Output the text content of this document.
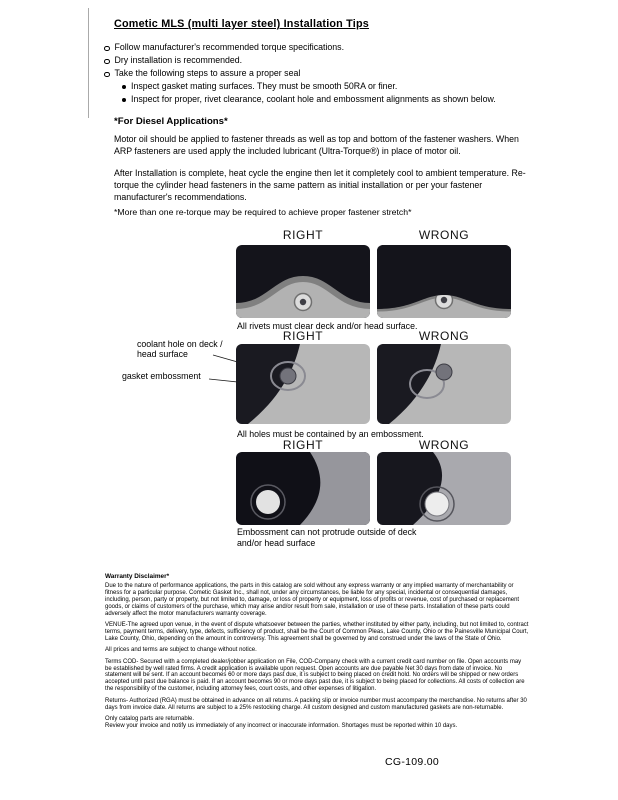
Cometic MLS (multi layer steel) Installation Tips
Follow manufacturer's recommended torque specifications.
Dry installation is recommended.
Take the following steps to assure a proper seal
Inspect gasket mating surfaces. They must be smooth 50RA or finer.
Inspect for proper, rivet clearance, coolant hole and embossment alignments as shown below.
*For Diesel Applications*

Motor oil should be applied to fastener threads as well as top and bottom of the fastener washers. When ARP fasteners are used apply the included lubricant (Ultra-Torque®) in place of motor oil.

After Installation is complete, heat cycle the engine then let it completely cool to ambient temperature. Re-torque the cylinder head fasteners in the same pattern as initial installation or per your fastener manufacturer's recommendations.

*More than one re-torque may be required to achieve proper fastener stretch*

RIGHT	WRONG
All rivets must clear deck and/or head surface.
RIGHT	WRONG
coolant hole on deck / head surface
gasket embossment
All holes must be contained by an embossment.
RIGHT	WRONG
Embossment can not protrude outside of deck and/or head surface
Warranty Disclaimer*

Due to the nature of performance applications, the parts in this catalog are sold without any express warranty or any implied warranty of merchantability or fitness for a particular purpose. Cometic Gasket Inc., shall not, under any circumstances, be liable for any special, incidental or consequential damages, including, person, party or property, but not limited to, damage, or loss of property or equipment, loss of profits or revenue, cost of purchased or replacement goods, or claims of customers of the purchase, which may arise and/or result from sale, installation or use of these parts. Installation of these parts could adversely affect the motor manufacturers warranty coverage.

VENUE-The agreed upon venue, in the event of dispute whatsoever between the parties, whether instituted by either party, including, but not limited to, contract terms, payment terms, delivery, type, defects, sufficiency of product, shall be the Court of Common Pleas, Lake County, Ohio or the Painesville Municipal Court, Lake County, Ohio, depending on the amount in controversy. This agreement shall be governed by and construed under the laws of the State of Ohio.

All prices and terms are subject to change without notice.

Terms COD- Secured with a completed dealer/jobber application on File, COD-Company check with a current credit card number on file. Open accounts may be established by well rated firms. A credit application is available upon request. Open accounts are due payable Net 30 days from date of invoice. No statement will be sent. If an account becomes 60 or more days past due, it is subject to being placed on credit hold. No orders will be shipped or new orders accepted until past due balance is paid. If an account becomes 90 or more days past due, it is subject to being placed for collections. All costs of collection are the responsibility of the customer, including attorney fees, court costs, and other expenses of litigation.

Returns- Authorized (RGA) must be obtained in advance on all returns. A packing slip or invoice number must accompany the merchandise. No returns after 30 days from invoice date. All returns are subject to a 25% restocking charge. All custom designed and custom manufactured gaskets are non-returnable.

Only catalog parts are returnable.

Review your invoice and notify us immediately of any incorrect or inaccurate information. Shortages must be reported within 10 days.

CG-109.00
